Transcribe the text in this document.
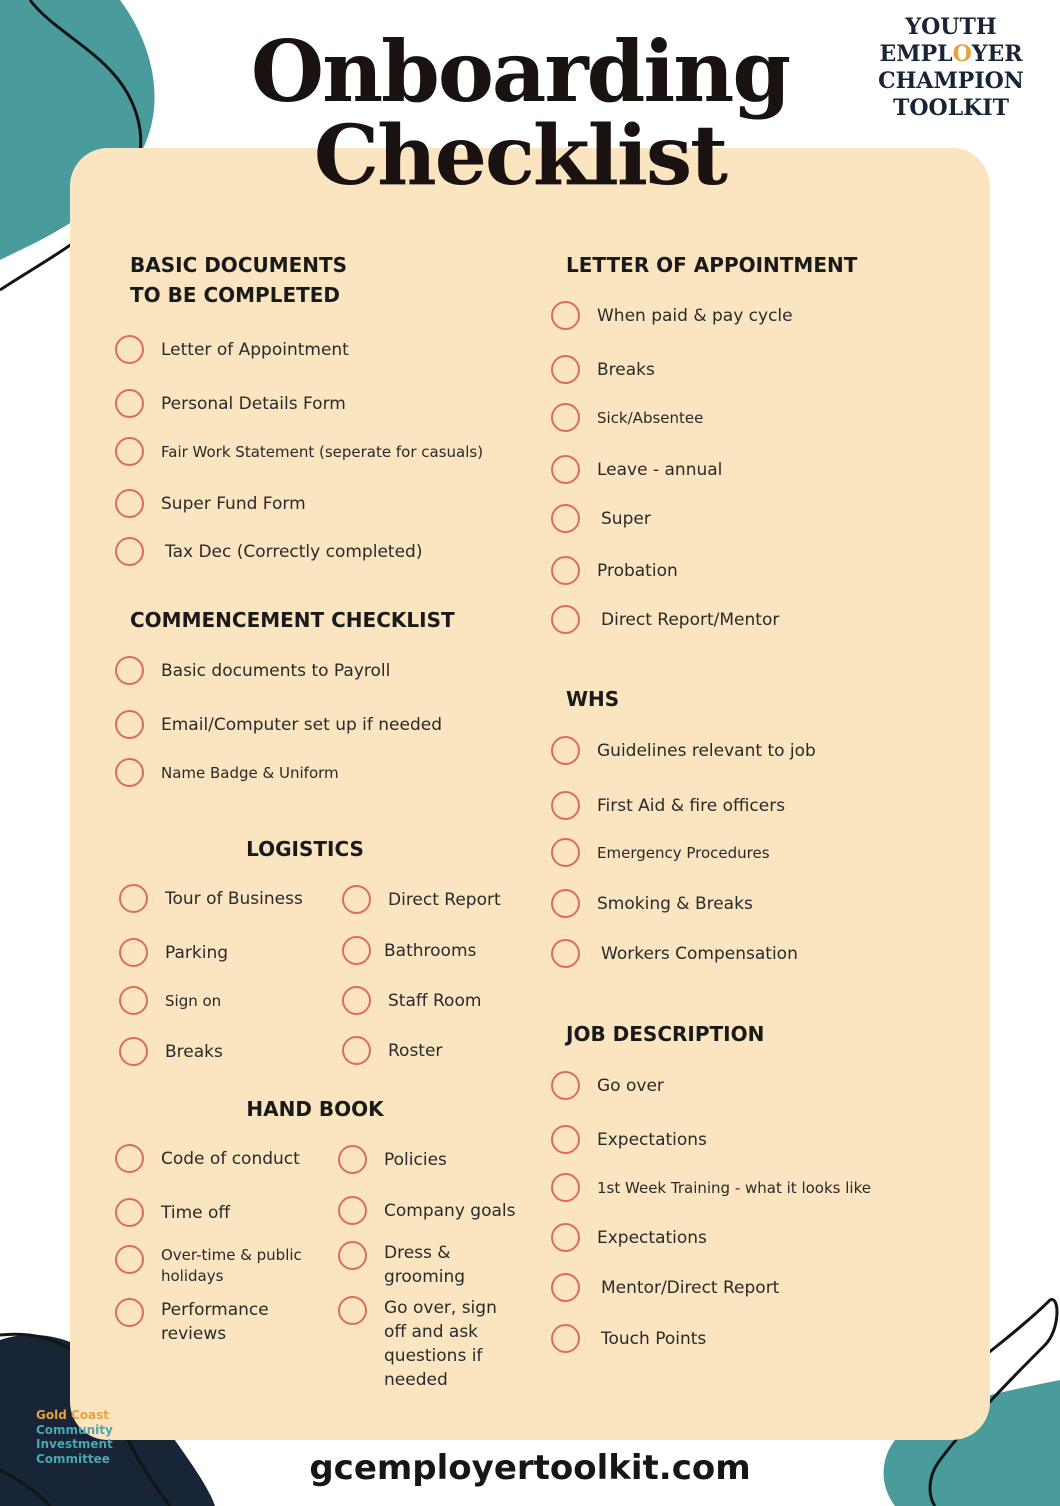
Onboarding
Checklist
YOUTH
EMPLOYER
CHAMPION
TOOLKIT
BASIC DOCUMENTS
TO BE COMPLETED
Letter of Appointment
Personal Details Form
Fair Work Statement (seperate for casuals)
Super Fund Form
Tax Dec (Correctly completed)
COMMENCEMENT CHECKLIST
Basic documents to Payroll
Email/Computer set up if needed
Name Badge & Uniform
LOGISTICS
Tour of Business
Parking
Sign on
Breaks
Direct Report
Bathrooms
Staff Room
Roster
HAND BOOK
Code of conduct
Time off
Over-time & public holidays
Performance reviews
Policies
Company goals
Dress & grooming
Go over, sign off and ask questions if needed
LETTER OF APPOINTMENT
When paid & pay cycle
Breaks
Sick/Absentee
Leave - annual
Super
Probation
Direct Report/Mentor
WHS
Guidelines relevant to job
First Aid & fire officers
Emergency Procedures
Smoking & Breaks
Workers Compensation
JOB DESCRIPTION
Go over
Expectations
1st Week Training - what it looks like
Expectations
Mentor/Direct Report
Touch Points
Gold Coast
Community
Investment
Committee	gcemployertoolkit.com
